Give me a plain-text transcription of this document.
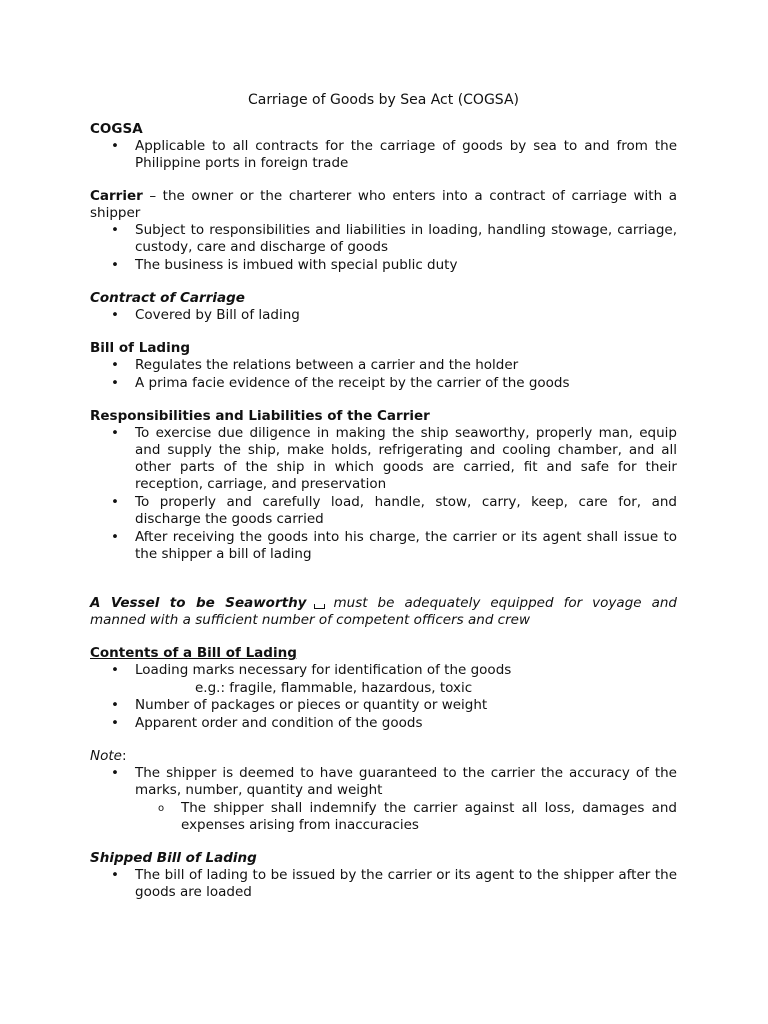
Carriage of Goods by Sea Act (COGSA)
COGSA
• Applicable to all contracts for the carriage of goods by sea to and from the Philippine ports in foreign trade

Carrier – the owner or the charterer who enters into a contract of carriage with a shipper

• Subject to responsibilities and liabilities in loading, handling stowage, carriage, custody, care and discharge of goods
• The business is imbued with special public duty
Contract of Carriage
• Covered by Bill of lading
Bill of Lading
• Regulates the relations between a carrier and the holder
• A prima facie evidence of the receipt by the carrier of the goods
Responsibilities and Liabilities of the Carrier
• To exercise due diligence in making the ship seaworthy, properly man, equip and supply the ship, make holds, refrigerating and cooling chamber, and all other parts of the ship in which goods are carried, fit and safe for their reception, carriage, and preservation
• To properly and carefully load, handle, stow, carry, keep, care for, and discharge the goods carried
• After receiving the goods into his charge, the carrier or its agent shall issue to the shipper a bill of lading

A Vessel to be Seaworthy must be adequately equipped for voyage and manned with a sufficient number of competent officers and crew

Contents of a Bill of Lading
• Loading marks necessary for identification of the goods
e.g.: fragile, flammable, hazardous, toxic
• Number of packages or pieces or quantity or weight
• Apparent order and condition of the goods
Note:
• The shipper is deemed to have guaranteed to the carrier the accuracy of the marks, number, quantity and weight
o The shipper shall indemnify the carrier against all loss, damages and expenses arising from inaccuracies
Shipped Bill of Lading
• The bill of lading to be issued by the carrier or its agent to the shipper after the goods are loaded
